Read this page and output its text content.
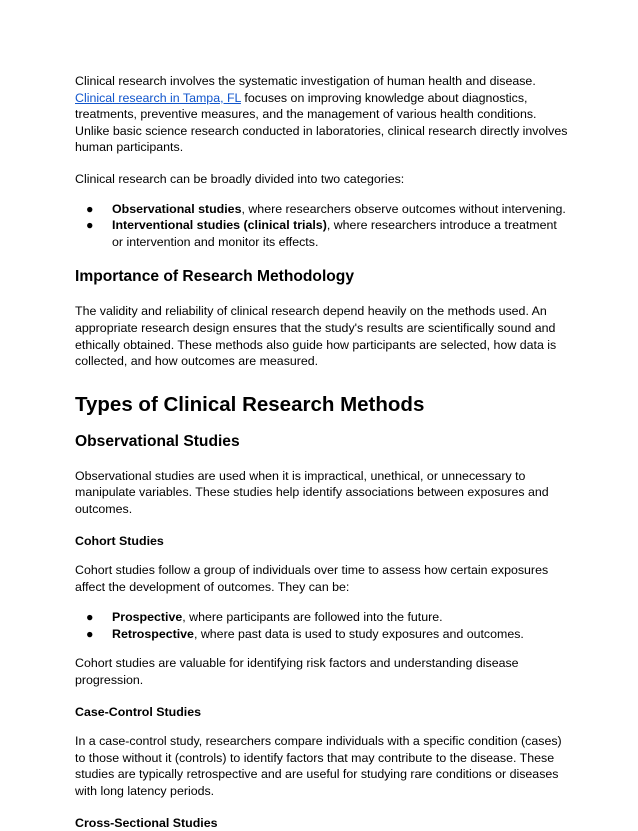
Clinical research involves the systematic investigation of human health and disease. Clinical research in Tampa, FL focuses on improving knowledge about diagnostics, treatments, preventive measures, and the management of various health conditions. Unlike basic science research conducted in laboratories, clinical research directly involves human participants.

Clinical research can be broadly divided into two categories:

● Observational studies, where researchers observe outcomes without intervening.
● Interventional studies (clinical trials), where researchers introduce a treatment or intervention and monitor its effects.
Importance of Research Methodology

The validity and reliability of clinical research depend heavily on the methods used. An appropriate research design ensures that the study's results are scientifically sound and ethically obtained. These methods also guide how participants are selected, how data is collected, and how outcomes are measured.

Types of Clinical Research Methods
Observational Studies

Observational studies are used when it is impractical, unethical, or unnecessary to manipulate variables. These studies help identify associations between exposures and outcomes.

Cohort Studies

Cohort studies follow a group of individuals over time to assess how certain exposures affect the development of outcomes. They can be:

● Prospective, where participants are followed into the future.
● Retrospective, where past data is used to study exposures and outcomes.

Cohort studies are valuable for identifying risk factors and understanding disease progression.

Case-Control Studies

In a case-control study, researchers compare individuals with a specific condition (cases) to those without it (controls) to identify factors that may contribute to the disease. These studies are typically retrospective and are useful for studying rare conditions or diseases with long latency periods.

Cross-Sectional Studies
